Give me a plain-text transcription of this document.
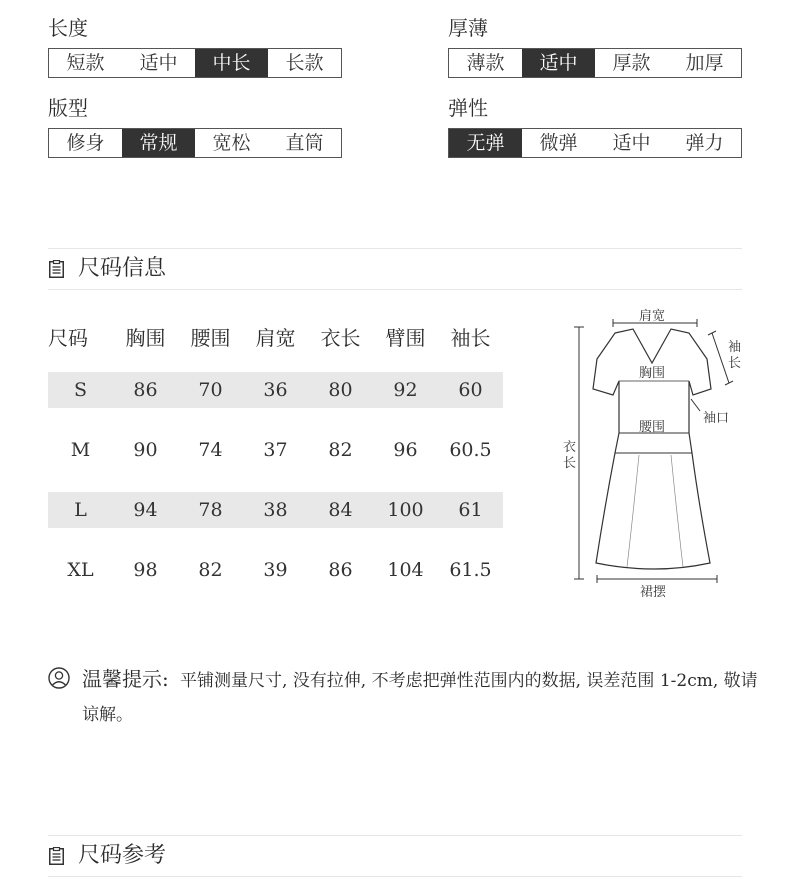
长度
短款	适中	中长	长款
厚薄
薄款	适中	厚款	加厚
版型
修身	常规	宽松	直筒
弹性
无弹	微弹	适中	弹力
尺码信息
尺码	胸围	腰围	肩宽	衣长	臂围	袖长
S	86	70	36	80	92	60
M	90	74	37	82	96	60.5
L	94	78	38	84	100	61
XL	98	82	39	86	104	61.5
肩宽
胸围
腰围
袖
长
袖口
衣
长
裙摆
温馨提示: 平铺测量尺寸, 没有拉伸, 不考虑把弹性范围内的数据, 误差范围 1-2cm, 敬请谅解。
尺码参考
